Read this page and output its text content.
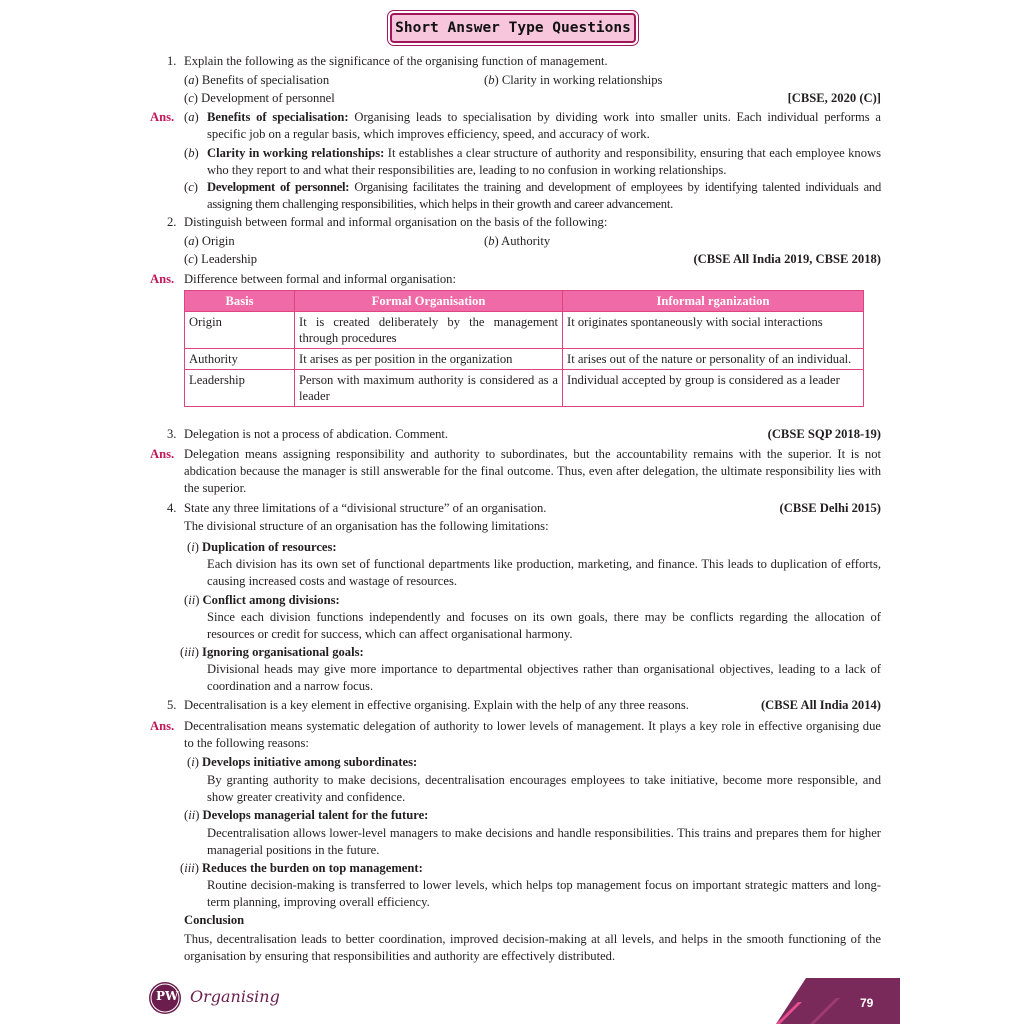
Short Answer Type Questions
1. Explain the following as the significance of the organising function of management.
(a) Benefits of specialisation	(b) Clarity in working relationships
(c) Development of personnel	[CBSE, 2020 (C)]
Ans. (a) Benefits of specialisation: Organising leads to specialisation by dividing work into smaller units. Each individual performs a specific job on a regular basis, which improves efficiency, speed, and accuracy of work.
(b) Clarity in working relationships: It establishes a clear structure of authority and responsibility, ensuring that each employee knows who they report to and what their responsibilities are, leading to no confusion in working relationships.
(c) Development of personnel: Organising facilitates the training and development of employees by identifying talented individuals and assigning them challenging responsibilities, which helps in their growth and career advancement.
2. Distinguish between formal and informal organisation on the basis of the following:
(a) Origin	(b) Authority
(c) Leadership	(CBSE All India 2019, CBSE 2018)
Ans. Difference between formal and informal organisation:
Basis	Formal Organisation	Informal rganization
Origin	It is created deliberately by the management through procedures	It originates spontaneously with social interactions
Authority	It arises as per position in the organization	It arises out of the nature or personality of an individual.
Leadership	Person with maximum authority is considered as a leader	Individual accepted by group is considered as a leader
3. Delegation is not a process of abdication. Comment.	(CBSE SQP 2018-19)
Ans. Delegation means assigning responsibility and authority to subordinates, but the accountability remains with the superior. It is not abdication because the manager is still answerable for the final outcome. Thus, even after delegation, the ultimate responsibility lies with the superior.
4. State any three limitations of a “divisional structure” of an organisation.	(CBSE Delhi 2015)
The divisional structure of an organisation has the following limitations:
(i) Duplication of resources:
Each division has its own set of functional departments like production, marketing, and finance. This leads to duplication of efforts, causing increased costs and wastage of resources.
(ii) Conflict among divisions:
Since each division functions independently and focuses on its own goals, there may be conflicts regarding the allocation of resources or credit for success, which can affect organisational harmony.
(iii) Ignoring organisational goals:
Divisional heads may give more importance to departmental objectives rather than organisational objectives, leading to a lack of coordination and a narrow focus.
5. Decentralisation is a key element in effective organising. Explain with the help of any three reasons.	(CBSE All India 2014)
Ans. Decentralisation means systematic delegation of authority to lower levels of management. It plays a key role in effective organising due to the following reasons:
(i) Develops initiative among subordinates:
By granting authority to make decisions, decentralisation encourages employees to take initiative, become more responsible, and show greater creativity and confidence.
(ii) Develops managerial talent for the future:
Decentralisation allows lower-level managers to make decisions and handle responsibilities. This trains and prepares them for higher managerial positions in the future.
(iii) Reduces the burden on top management:
Routine decision-making is transferred to lower levels, which helps top management focus on important strategic matters and long-term planning, improving overall efficiency.
Conclusion
Thus, decentralisation leads to better coordination, improved decision-making at all levels, and helps in the smooth functioning of the organisation by ensuring that responsibilities and authority are effectively distributed.
PW Organising	79
